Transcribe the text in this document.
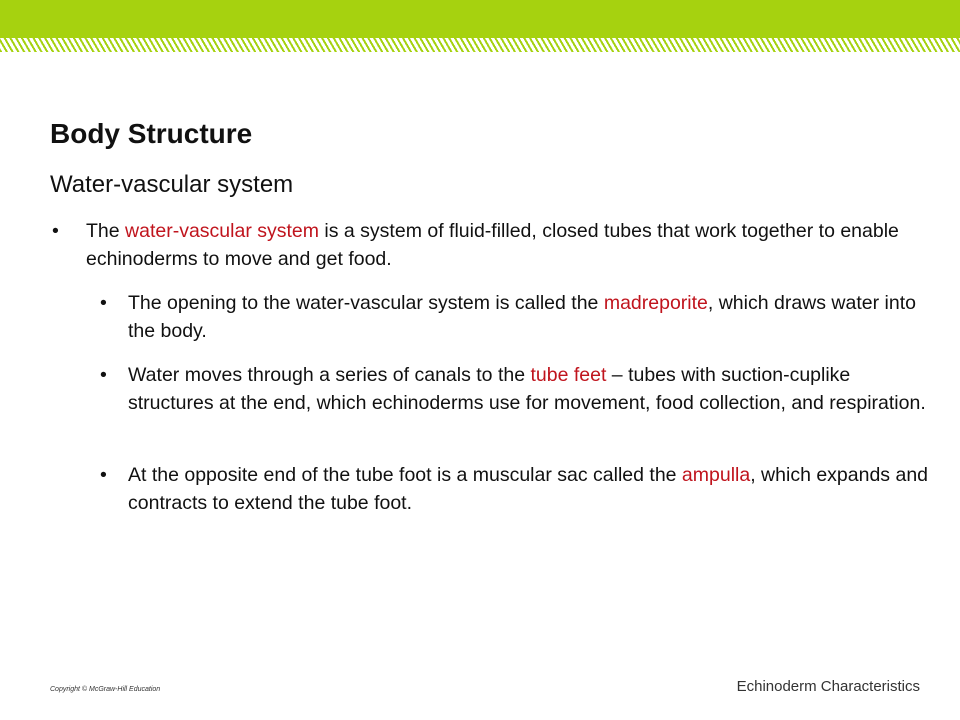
Body Structure
Water-vascular system
• The water-vascular system is a system of fluid-filled, closed tubes that work together to enable echinoderms to move and get food.
• The opening to the water-vascular system is called the madreporite, which draws water into the body.
• Water moves through a series of canals to the tube feet – tubes with suction-cuplike structures at the end, which echinoderms use for movement, food collection, and respiration.
• At the opposite end of the tube foot is a muscular sac called the ampulla, which expands and contracts to extend the tube foot.
Copyright © McGraw-Hill Education	Echinoderm Characteristics
